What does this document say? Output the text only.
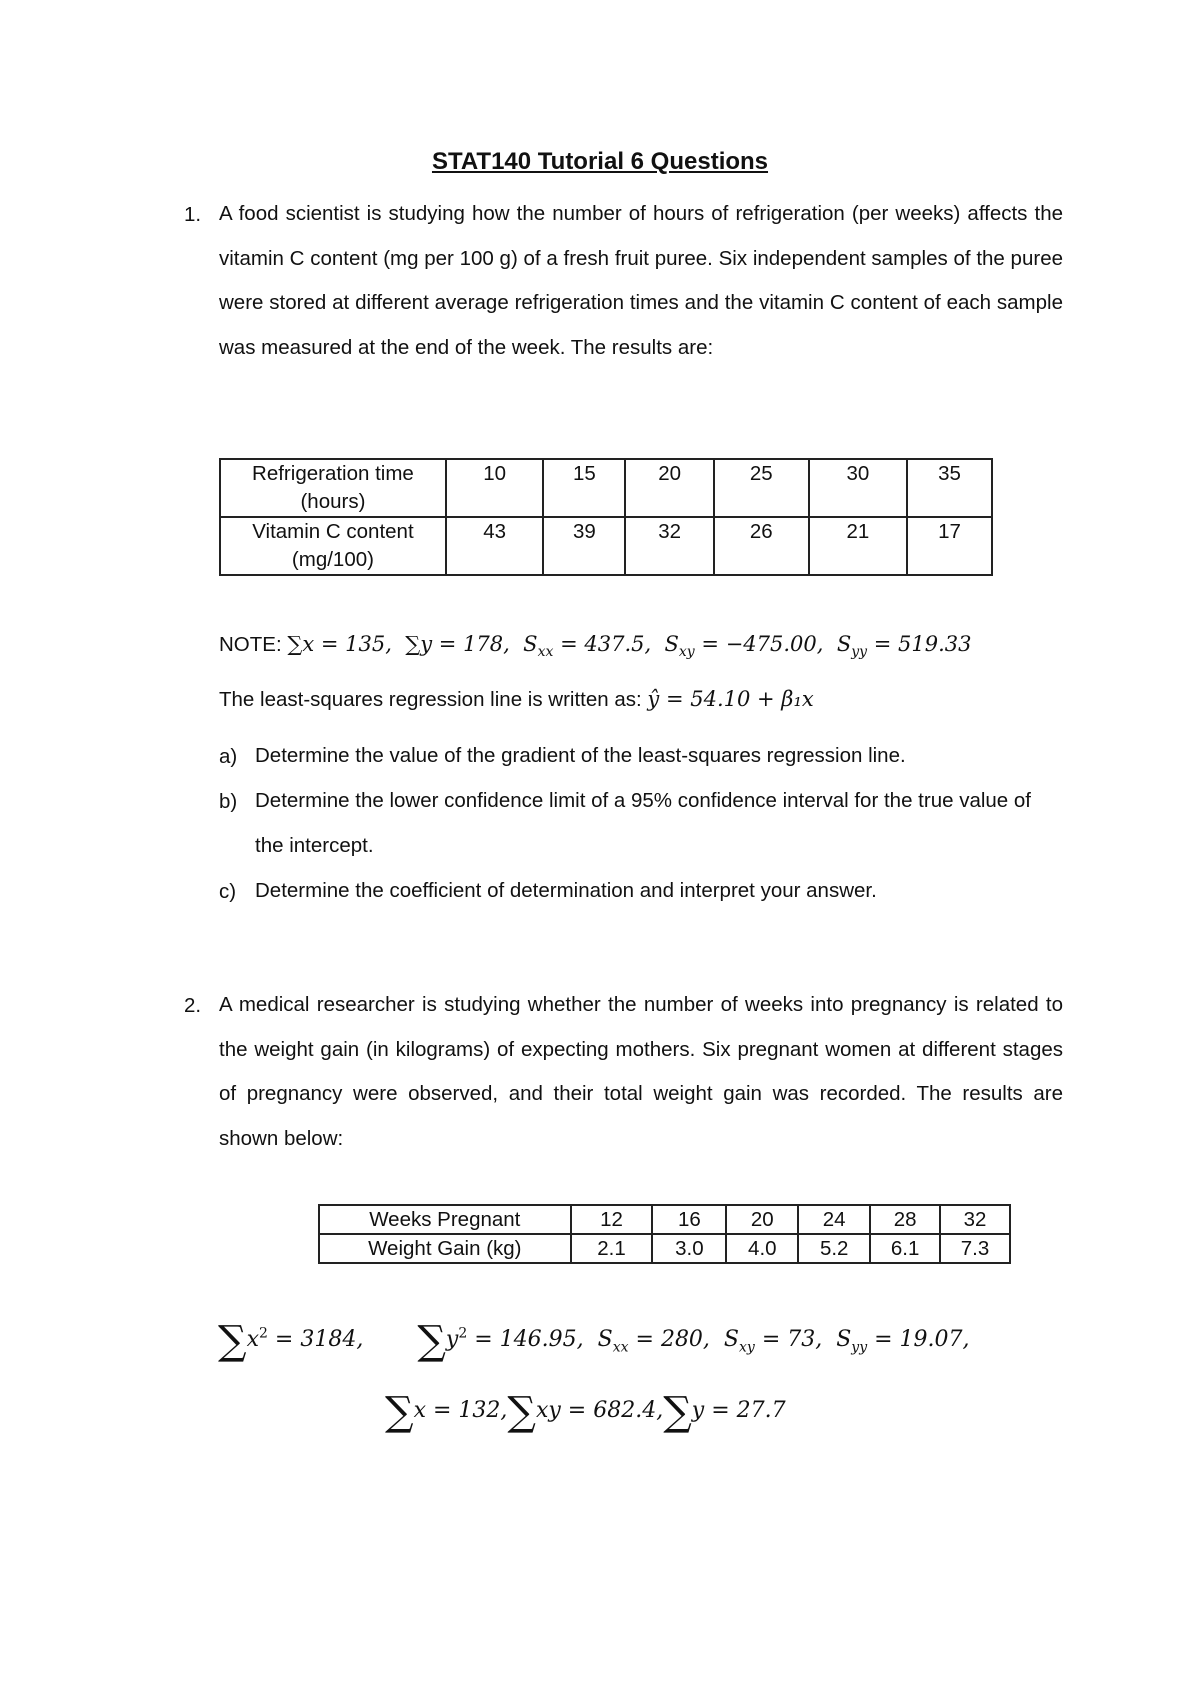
STAT140 Tutorial 6 Questions
1. A food scientist is studying how the number of hours of refrigeration (per weeks) affects the vitamin C content (mg per 100 g) of a fresh fruit puree. Six independent samples of the puree were stored at different average refrigeration times and the vitamin C content of each sample was measured at the end of the week. The results are:
Refrigeration time (hours)	10	15	20	25	30	35
Vitamin C content (mg/100)	43	39	32	26	21	17
NOTE: ∑x = 135, ∑y = 178,  $S_{xx} = 437.5$,  $S_{xy} = -475.00$,  $S_{yy} = 519.33$
The least-squares regression line is written as: ŷ = 54.10 + β₁x
a) Determine the value of the gradient of the least-squares regression line.
b) Determine the lower confidence limit of a 95% confidence interval for the true value of the intercept.
c) Determine the coefficient of determination and interpret your answer.
2. A medical researcher is studying whether the number of weeks into pregnancy is related to the weight gain (in kilograms) of expecting mothers. Six pregnant women at different stages of pregnancy were observed, and their total weight gain was recorded. The results are shown below:
Weeks Pregnant	12	16	20	24	28	32
Weight Gain (kg)	2.1	3.0	4.0	5.2	6.1	7.3
$\sum x^2 = 3184$, $\sum y^2 = 146.95$,  $S_{xx} = 280$,  $S_{xy} = 73$,  $S_{yy} = 19.07$,
∑x = 132,∑xy = 682.4,∑y = 27.7
